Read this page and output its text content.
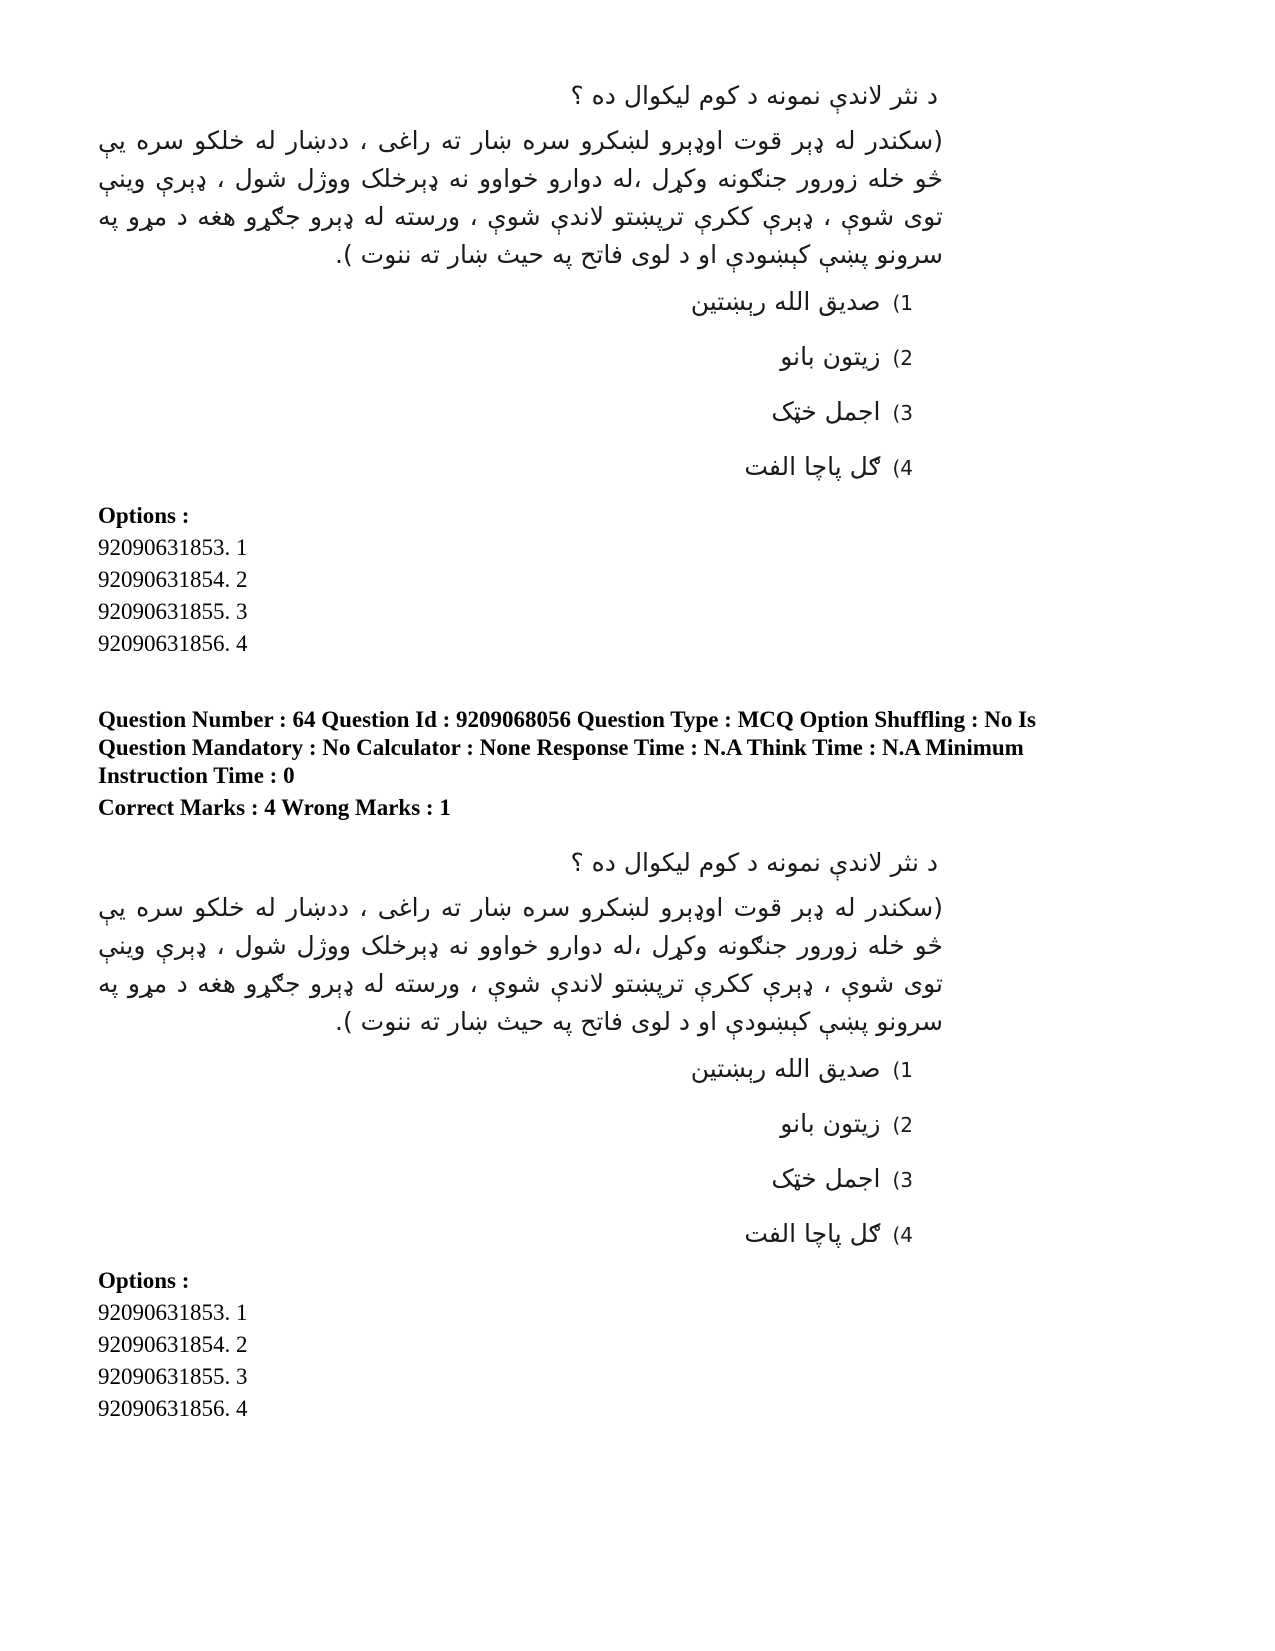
د نثر لاندې نمونه د کوم لیکوال ده ؟

(سکندر له ډېر قوت اوډېرو لښکرو سره ښار ته راغی ، ددښار له خلکو سره یې څو خله زورور جنګونه وکړل ،له دوارو خواوو نه ډېرخلک ووژل شول ، ډېرې وینې توی شوې ، ډېرې ککرې ترپښتو لاندې شوې ، ورسته له ډېرو جګړو هغه د مړو په سرونو پښې کېښودې او د لوی فاتح په حیث ښار ته ننوت ).

1)صدیق الله رېښتین

2)زیتون بانو

3)اجمل خټک

4)ګل پاچا الفت

Options :

92090631853. 1

92090631854. 2

92090631855. 3

92090631856. 4

Question Number : 64 Question Id : 9209068056 Question Type : MCQ Option Shuffling : No Is
Question Mandatory : No Calculator : None Response Time : N.A Think Time : N.A Minimum
Instruction Time : 0
Correct Marks : 4 Wrong Marks : 1

د نثر لاندې نمونه د کوم لیکوال ده ؟

(سکندر له ډېر قوت اوډېرو لښکرو سره ښار ته راغی ، ددښار له خلکو سره یې څو خله زورور جنګونه وکړل ،له دوارو خواوو نه ډېرخلک ووژل شول ، ډېرې وینې توی شوې ، ډېرې ککرې ترپښتو لاندې شوې ، ورسته له ډېرو جګړو هغه د مړو په سرونو پښې کېښودې او د لوی فاتح په حیث ښار ته ننوت ).

1)صدیق الله رېښتین

2)زیتون بانو

3)اجمل خټک

4)ګل پاچا الفت

Options :

92090631853. 1

92090631854. 2

92090631855. 3

92090631856. 4
